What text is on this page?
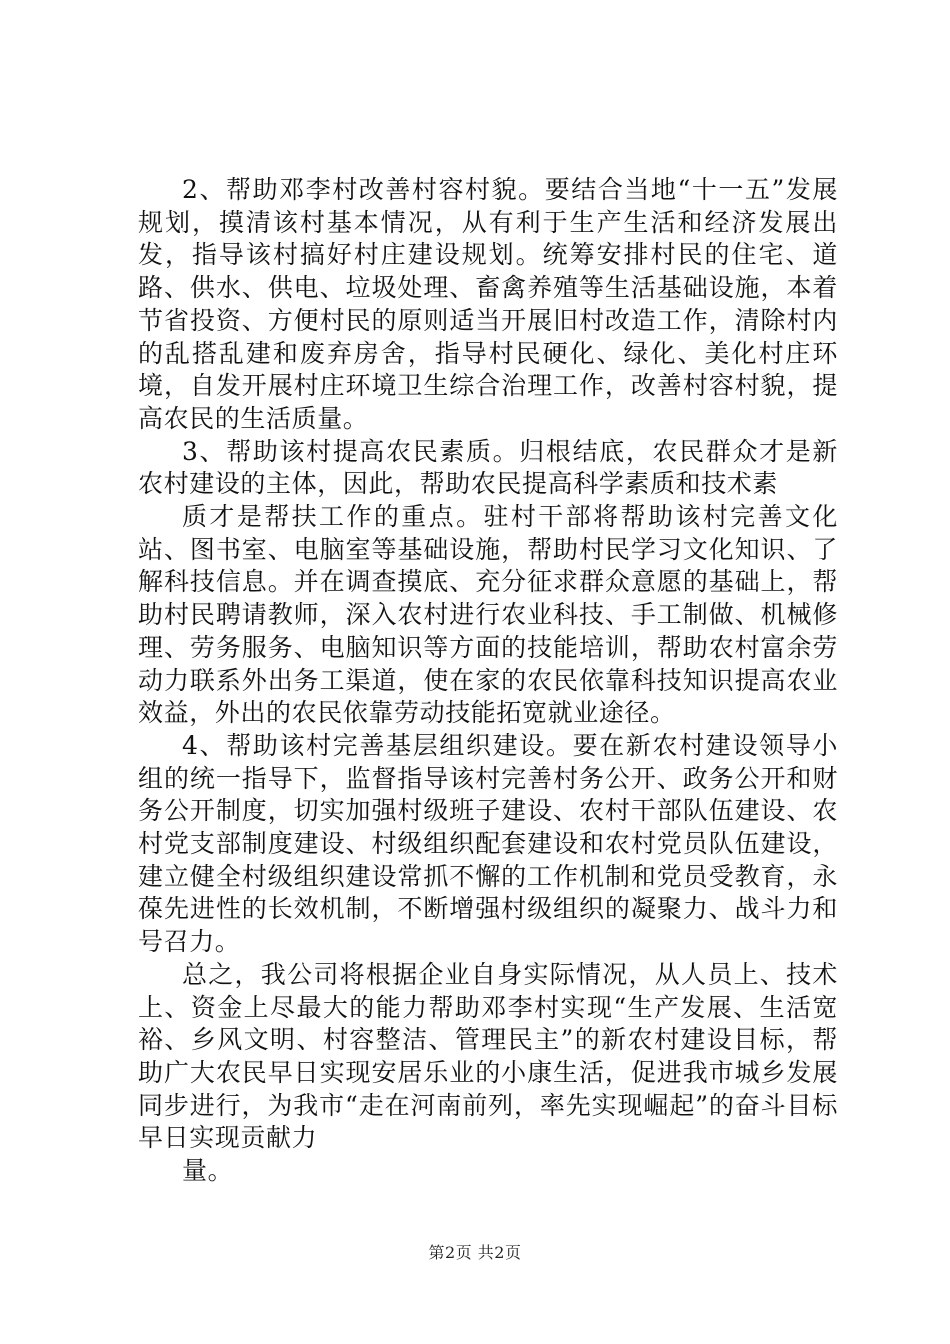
2、帮助邓李村改善村容村貌。要结合当地“十一五”发展规划，摸清该村基本情况，从有利于生产生活和经济发展出发，指导该村搞好村庄建设规划。统筹安排村民的住宅、道路、供水、供电、垃圾处理、畜禽养殖等生活基础设施，本着节省投资、方便村民的原则适当开展旧村改造工作，清除村内的乱搭乱建和废弃房舍，指导村民硬化、绿化、美化村庄环境，自发开展村庄环境卫生综合治理工作，改善村容村貌，提高农民的生活质量。

3、帮助该村提高农民素质。归根结底，农民群众才是新农村建设的主体，因此，帮助农民提高科学素质和技术素

质才是帮扶工作的重点。驻村干部将帮助该村完善文化站、图书室、电脑室等基础设施，帮助村民学习文化知识、了解科技信息。并在调查摸底、充分征求群众意愿的基础上，帮助村民聘请教师，深入农村进行农业科技、手工制做、机械修理、劳务服务、电脑知识等方面的技能培训，帮助农村富余劳动力联系外出务工渠道，使在家的农民依靠科技知识提高农业效益，外出的农民依靠劳动技能拓宽就业途径。

4、帮助该村完善基层组织建设。要在新农村建设领导小组的统一指导下，监督指导该村完善村务公开、政务公开和财务公开制度，切实加强村级班子建设、农村干部队伍建设、农村党支部制度建设、村级组织配套建设和农村党员队伍建设，建立健全村级组织建设常抓不懈的工作机制和党员受教育，永葆先进性的长效机制，不断增强村级组织的凝聚力、战斗力和号召力。

总之，我公司将根据企业自身实际情况，从人员上、技术上、资金上尽最大的能力帮助邓李村实现“生产发展、生活宽裕、乡风文明、村容整洁、管理民主”的新农村建设目标，帮助广大农民早日实现安居乐业的小康生活，促进我市城乡发展同步进行，为我市“走在河南前列，率先实现崛起”的奋斗目标早日实现贡献力

量。

第2页 共2页
